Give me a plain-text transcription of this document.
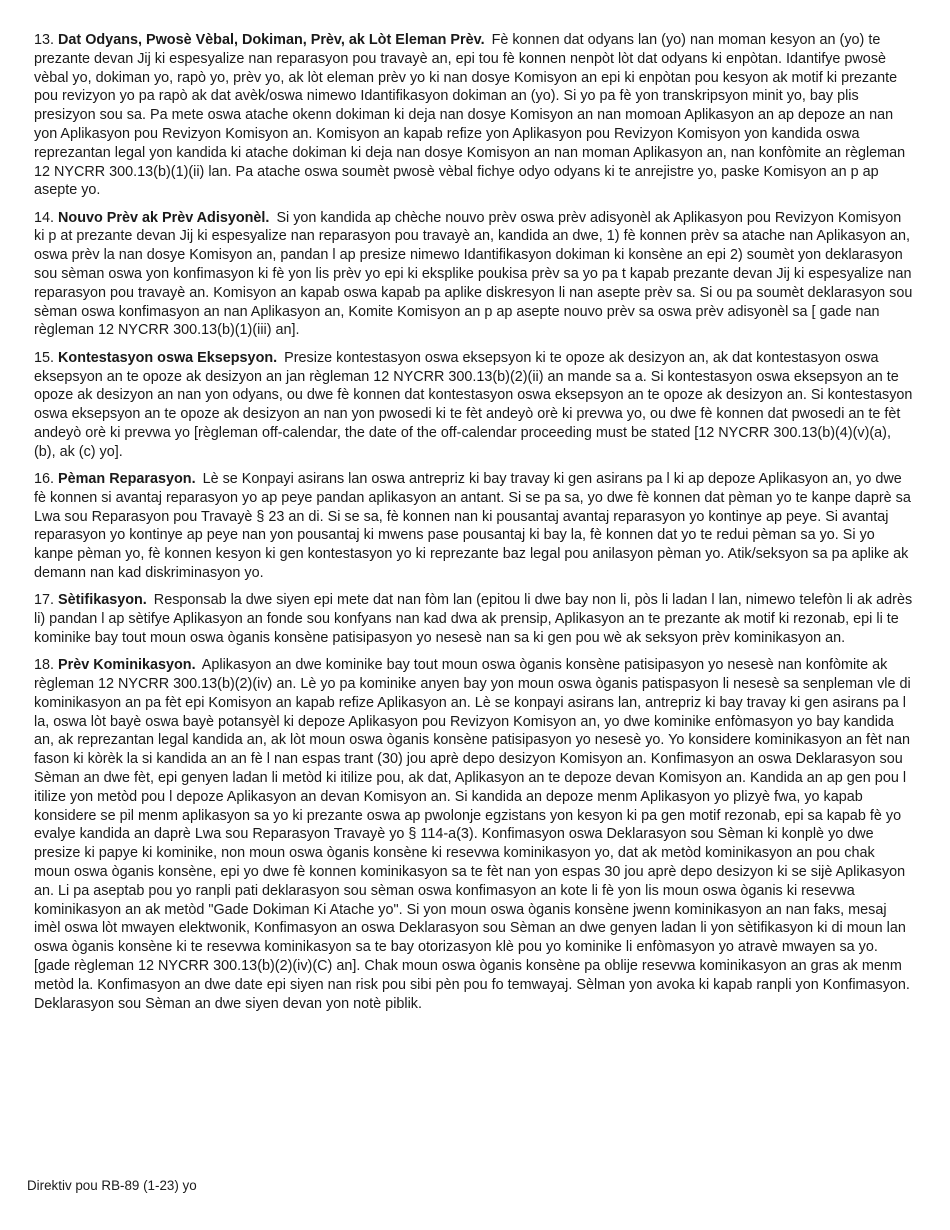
13. Dat Odyans, Pwosè Vèbal, Dokiman, Prèv, ak Lòt Eleman Prèv. Fè konnen dat odyans lan (yo) nan moman kesyon an (yo) te prezante devan Jij ki espesyalize nan reparasyon pou travayè an, epi tou fè konnen nenpòt lòt dat odyans ki enpòtan. Idantifye pwosè vèbal yo, dokiman yo, rapò yo, prèv yo, ak lòt eleman prèv yo ki nan dosye Komisyon an epi ki enpòtan pou kesyon ak motif ki prezante pou revizyon yo pa rapò ak dat avèk/oswa nimewo Idantifikasyon dokiman an (yo). Si yo pa fè yon transkripsyon minit yo, bay plis presizyon sou sa. Pa mete oswa atache okenn dokiman ki deja nan dosye Komisyon an nan momoan Aplikasyon an ap depoze an nan yon Aplikasyon pou Revizyon Komisyon an. Komisyon an kapab refize yon Aplikasyon pou Revizyon Komisyon yon kandida oswa reprezantan legal yon kandida ki atache dokiman ki deja nan dosye Komisyon an nan moman Aplikasyon an, nan konfòmite an règleman 12 NYCRR 300.13(b)(1)(ii) lan. Pa atache oswa soumèt pwosè vèbal fichye odyo odyans ki te anrejistre yo, paske Komisyon an p ap asepte yo.

14. Nouvo Prèv ak Prèv Adisyonèl. Si yon kandida ap chèche nouvo prèv oswa prèv adisyonèl ak Aplikasyon pou Revizyon Komisyon ki p at prezante devan Jij ki espesyalize nan reparasyon pou travayè an, kandida an dwe, 1) fè konnen prèv sa atache nan Aplikasyon an, oswa prèv la nan dosye Komisyon an, pandan l ap presize nimewo Idantifikasyon dokiman ki konsène an epi 2) soumèt yon deklarasyon sou sèman oswa yon konfimasyon ki fè yon lis prèv yo epi ki eksplike poukisa prèv sa yo pa t kapab prezante devan Jij ki espesyalize nan reparasyon pou travayè an. Komisyon an kapab oswa kapab pa aplike diskresyon li nan asepte prèv sa. Si ou pa soumèt deklarasyon sou sèman oswa konfimasyon an nan Aplikasyon an, Komite Komisyon an p ap asepte nouvo prèv sa oswa prèv adisyonèl sa [ gade nan règleman 12 NYCRR 300.13(b)(1)(iii) an].

15. Kontestasyon oswa Eksepsyon. Presize kontestasyon oswa eksepsyon ki te opoze ak desizyon an, ak dat kontestasyon oswa eksepsyon an te opoze ak desizyon an jan règleman 12 NYCRR 300.13(b)(2)(ii) an mande sa a. Si kontestasyon oswa eksepsyon an te opoze ak desizyon an nan yon odyans, ou dwe fè konnen dat kontestasyon oswa eksepsyon an te opoze ak desizyon an. Si kontestasyon oswa eksepsyon an te opoze ak desizyon an nan yon pwosedi ki te fèt andeyò orè ki prevwa yo, ou dwe fè konnen dat pwosedi an te fèt andeyò orè ki prevwa yo [règleman off-calendar, the date of the off-calendar proceeding must be stated [12 NYCRR 300.13(b)(4)(v)(a), (b), ak (c) yo].

16. Pèman Reparasyon. Lè se Konpayi asirans lan oswa antrepriz ki bay travay ki gen asirans pa l ki ap depoze Aplikasyon an, yo dwe fè konnen si avantaj reparasyon yo ap peye pandan aplikasyon an antant. Si se pa sa, yo dwe fè konnen dat pèman yo te kanpe daprè sa Lwa sou Reparasyon pou Travayè § 23 an di. Si se sa, fè konnen nan ki pousantaj avantaj reparasyon yo kontinye ap peye. Si avantaj reparasyon yo kontinye ap peye nan yon pousantaj ki mwens pase pousantaj ki bay la, fè konnen dat yo te redui pèman sa yo. Si yo kanpe pèman yo, fè konnen kesyon ki gen kontestasyon yo ki reprezante baz legal pou anilasyon pèman yo. Atik/seksyon sa pa aplike ak demann nan kad diskriminasyon yo.

17. Sètifikasyon. Responsab la dwe siyen epi mete dat nan fòm lan (epitou li dwe bay non li, pòs li ladan l lan, nimewo telefòn li ak adrès li) pandan l ap sètifye Aplikasyon an fonde sou konfyans nan kad dwa ak prensip, Aplikasyon an te prezante ak motif ki rezonab, epi li te kominike bay tout moun oswa òganis konsène patisipasyon yo nesesè nan sa ki gen pou wè ak seksyon prèv kominikasyon an.

18. Prèv Kominikasyon. Aplikasyon an dwe kominike bay tout moun oswa òganis konsène patisipasyon yo nesesè nan konfòmite ak règleman 12 NYCRR 300.13(b)(2)(iv) an. Lè yo pa kominike anyen bay yon moun oswa òganis patispasyon li nesesè sa senpleman vle di kominikasyon an pa fèt epi Komisyon an kapab refize Aplikasyon an. Lè se konpayi asirans lan, antrepriz ki bay travay ki gen asirans pa l la, oswa lòt bayè oswa bayè potansyèl ki depoze Aplikasyon pou Revizyon Komisyon an, yo dwe kominike enfòmasyon yo bay kandida an, ak reprezantan legal kandida an, ak lòt moun oswa òganis konsène patisipasyon yo nesesè yo. Yo konsidere kominikasyon an fèt nan fason ki kòrèk la si kandida an an fè l nan espas trant (30) jou aprè depo desizyon Komisyon an. Konfimasyon an oswa Deklarasyon sou Sèman an dwe fèt, epi genyen ladan li metòd ki itilize pou, ak dat, Aplikasyon an te depoze devan Komisyon an. Kandida an ap gen pou l itilize yon metòd pou l depoze Aplikasyon an devan Komisyon an. Si kandida an depoze menm Aplikasyon yo plizyè fwa, yo kapab konsidere se pil menm aplikasyon sa yo ki prezante oswa ap pwolonje egzistans yon kesyon ki pa gen motif rezonab, epi sa kapab fè yo evalye kandida an daprè Lwa sou Reparasyon Travayè yo § 114-a(3). Konfimasyon oswa Deklarasyon sou Sèman ki konplè yo dwe presize ki papye ki kominike, non moun oswa òganis konsène ki resevwa kominikasyon yo, dat ak metòd kominikasyon an pou chak moun oswa òganis konsène, epi yo dwe fè konnen kominikasyon sa te fèt nan yon espas 30 jou aprè depo desizyon ki se sijè Aplikasyon an. Li pa aseptab pou yo ranpli pati deklarasyon sou sèman oswa konfimasyon an kote li fè yon lis moun oswa òganis ki resevwa kominikasyon an ak metòd "Gade Dokiman Ki Atache yo". Si yon moun oswa òganis konsène jwenn kominikasyon an nan faks, mesaj imèl oswa lòt mwayen elektwonik, Konfimasyon an oswa Deklarasyon sou Sèman an dwe genyen ladan li yon sètifikasyon ki di moun lan oswa òganis konsène ki te resevwa kominikasyon sa te bay otorizasyon klè pou yo kominike li enfòmasyon yo atravè mwayen sa yo. [gade règleman 12 NYCRR 300.13(b)(2)(iv)(C) an]. Chak moun oswa òganis konsène pa oblije resevwa kominikasyon an gras ak menm metòd la. Konfimasyon an dwe date epi siyen nan risk pou sibi pèn pou fo temwayaj. Sèlman yon avoka ki kapab ranpli yon Konfimasyon. Deklarasyon sou Sèman an dwe siyen devan yon notè piblik.

Direktiv pou RB-89 (1-23) yo
